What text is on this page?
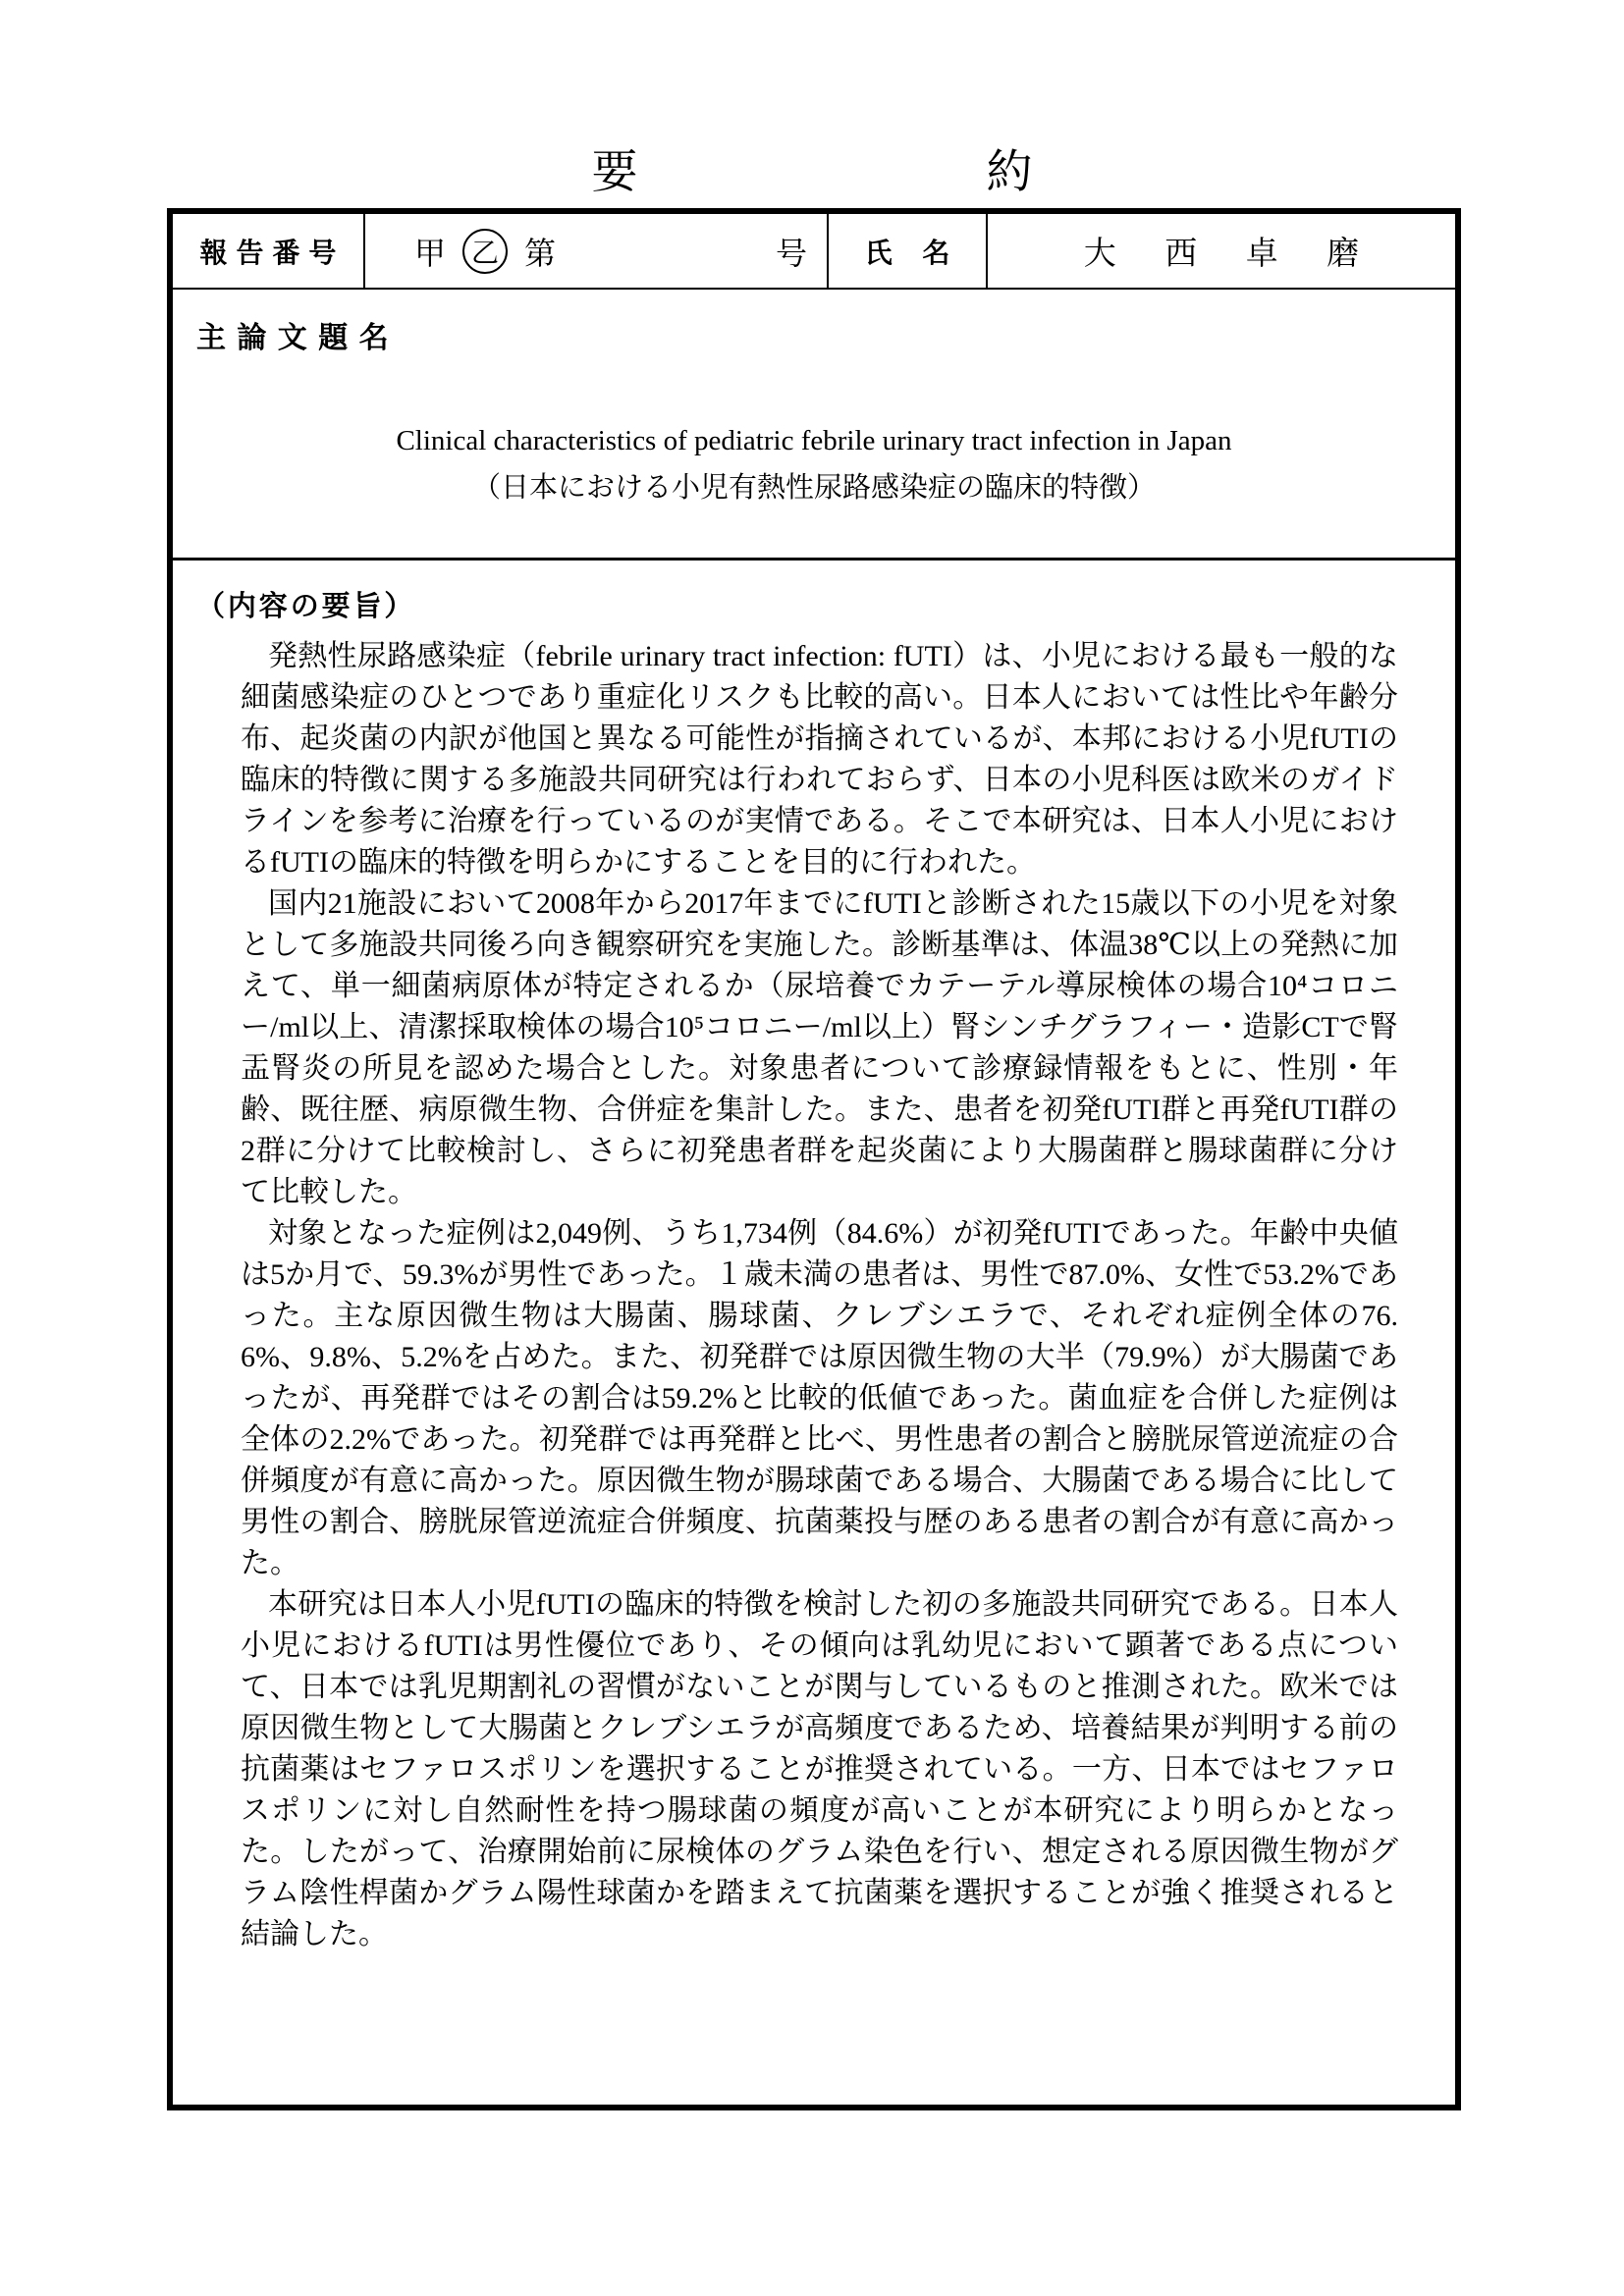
要約
報告番号 甲 乙 第	号 氏名	大西卓磨
主論文題名
Clinical characteristics of pediatric febrile urinary tract infection in Japan
（日本における小児有熱性尿路感染症の臨床的特徴）
（内容の要旨）

発熱性尿路感染症（febrile urinary tract infection: fUTI）は、小児における最も一般的な細菌感染症のひとつであり重症化リスクも比較的高い。日本人においては性比や年齢分布、起炎菌の内訳が他国と異なる可能性が指摘されているが、本邦における小児fUTIの臨床的特徴に関する多施設共同研究は行われておらず、日本の小児科医は欧米のガイドラインを参考に治療を行っているのが実情である。そこで本研究は、日本人小児におけるfUTIの臨床的特徴を明らかにすることを目的に行われた。

国内21施設において2008年から2017年までにfUTIと診断された15歳以下の小児を対象として多施設共同後ろ向き観察研究を実施した。診断基準は、体温38℃以上の発熱に加えて、単一細菌病原体が特定されるか（尿培養でカテーテル導尿検体の場合10⁴コロニー/ml以上、清潔採取検体の場合10⁵コロニー/ml以上）腎シンチグラフィー・造影CTで腎盂腎炎の所見を認めた場合とした。対象患者について診療録情報をもとに、性別・年齢、既往歴、病原微生物、合併症を集計した。また、患者を初発fUTI群と再発fUTI群の2群に分けて比較検討し、さらに初発患者群を起炎菌により大腸菌群と腸球菌群に分けて比較した。

対象となった症例は2,049例、うち1,734例（84.6%）が初発fUTIであった。年齢中央値は5か月で、59.3%が男性であった。１歳未満の患者は、男性で87.0%、女性で53.2%であった。主な原因微生物は大腸菌、腸球菌、クレブシエラで、それぞれ症例全体の76.6%、9.8%、5.2%を占めた。また、初発群では原因微生物の大半（79.9%）が大腸菌であったが、再発群ではその割合は59.2%と比較的低値であった。菌血症を合併した症例は全体の2.2%であった。初発群では再発群と比べ、男性患者の割合と膀胱尿管逆流症の合併頻度が有意に高かった。原因微生物が腸球菌である場合、大腸菌である場合に比して男性の割合、膀胱尿管逆流症合併頻度、抗菌薬投与歴のある患者の割合が有意に高かった。

本研究は日本人小児fUTIの臨床的特徴を検討した初の多施設共同研究である。日本人小児におけるfUTIは男性優位であり、その傾向は乳幼児において顕著である点について、日本では乳児期割礼の習慣がないことが関与しているものと推測された。欧米では原因微生物として大腸菌とクレブシエラが高頻度であるため、培養結果が判明する前の抗菌薬はセファロスポリンを選択することが推奨されている。一方、日本ではセファロスポリンに対し自然耐性を持つ腸球菌の頻度が高いことが本研究により明らかとなった。したがって、治療開始前に尿検体のグラム染色を行い、想定される原因微生物がグラム陰性桿菌かグラム陽性球菌かを踏まえて抗菌薬を選択することが強く推奨されると結論した。
